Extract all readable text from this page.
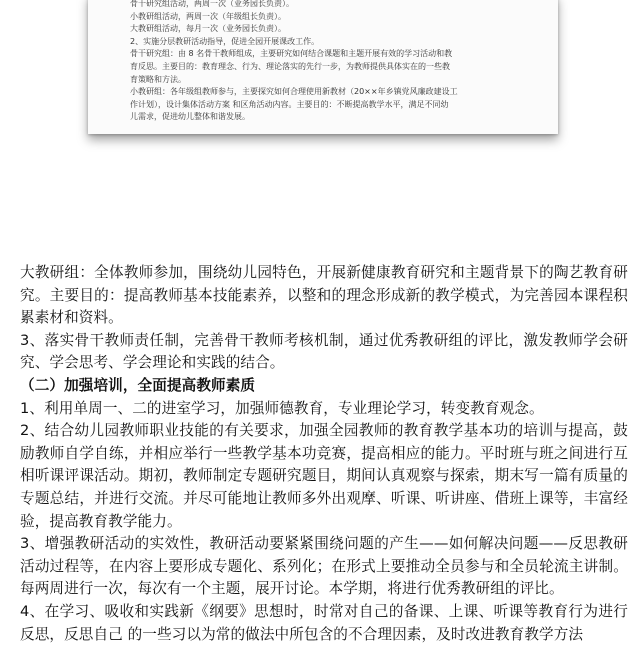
骨干研究组活动，两周一次（业务园长负责）。

小教研组活动，两周一次（年级组长负责）。

大教研组活动，每月一次（业务园长负责）。

2、实施分层教研活动指导，促进全园开展课改工作。

骨干研究组：由 8 名骨干教师组成，主要研究如何结合课题和主题开展有效的学习活动和教

育反思。主要目的：教育理念、行为、理论落实的先行一步，为教师提供具体实在的一些教

育策略和方法。

小教研组：各年级组教师参与，主要探究如何合理使用新教材（20××年乡镇党风廉政建设工

作计划），设计集体活动方案 和区角活动内容。主要目的：不断提高教学水平，满足不同幼

儿需求，促进幼儿整体和谐发展。

大教研组：全体教师参加，围绕幼儿园特色，开展新健康教育研究和主题背景下的陶艺教育研究。主要目的：提高教师基本技能素养，以整和的理念形成新的教学模式，为完善园本课程积累素材和资料。

3、落实骨干教师责任制，完善骨干教师考核机制，通过优秀教研组的评比，激发教师学会研究、学会思考、学会理论和实践的结合。

（二）加强培训，全面提高教师素质

1、利用单周一、二的进室学习，加强师德教育，专业理论学习，转变教育观念。

2、结合幼儿园教师职业技能的有关要求，加强全园教师的教育教学基本功的培训与提高，鼓励教师自学自练，并相应举行一些教学基本功竞赛，提高相应的能力。平时班与班之间进行互相听课评课活动。期初，教师制定专题研究题目，期间认真观察与探索，期末写一篇有质量的专题总结，并进行交流。并尽可能地让教师多外出观摩、听课、听讲座、借班上课等，丰富经验，提高教育教学能力。

3、增强教研活动的实效性，教研活动要紧紧围绕问题的产生——如何解决问题——反思教研活动过程等，在内容上要形成专题化、系列化；在形式上要推动全员参与和全员轮流主讲制。每两周进行一次，每次有一个主题，展开讨论。本学期，将进行优秀教研组的评比。

4、在学习、吸收和实践新《纲要》思想时，时常对自己的备课、上课、听课等教育行为进行反思，反思自己 的一些习以为常的做法中所包含的不合理因素，及时改进教育教学方法
